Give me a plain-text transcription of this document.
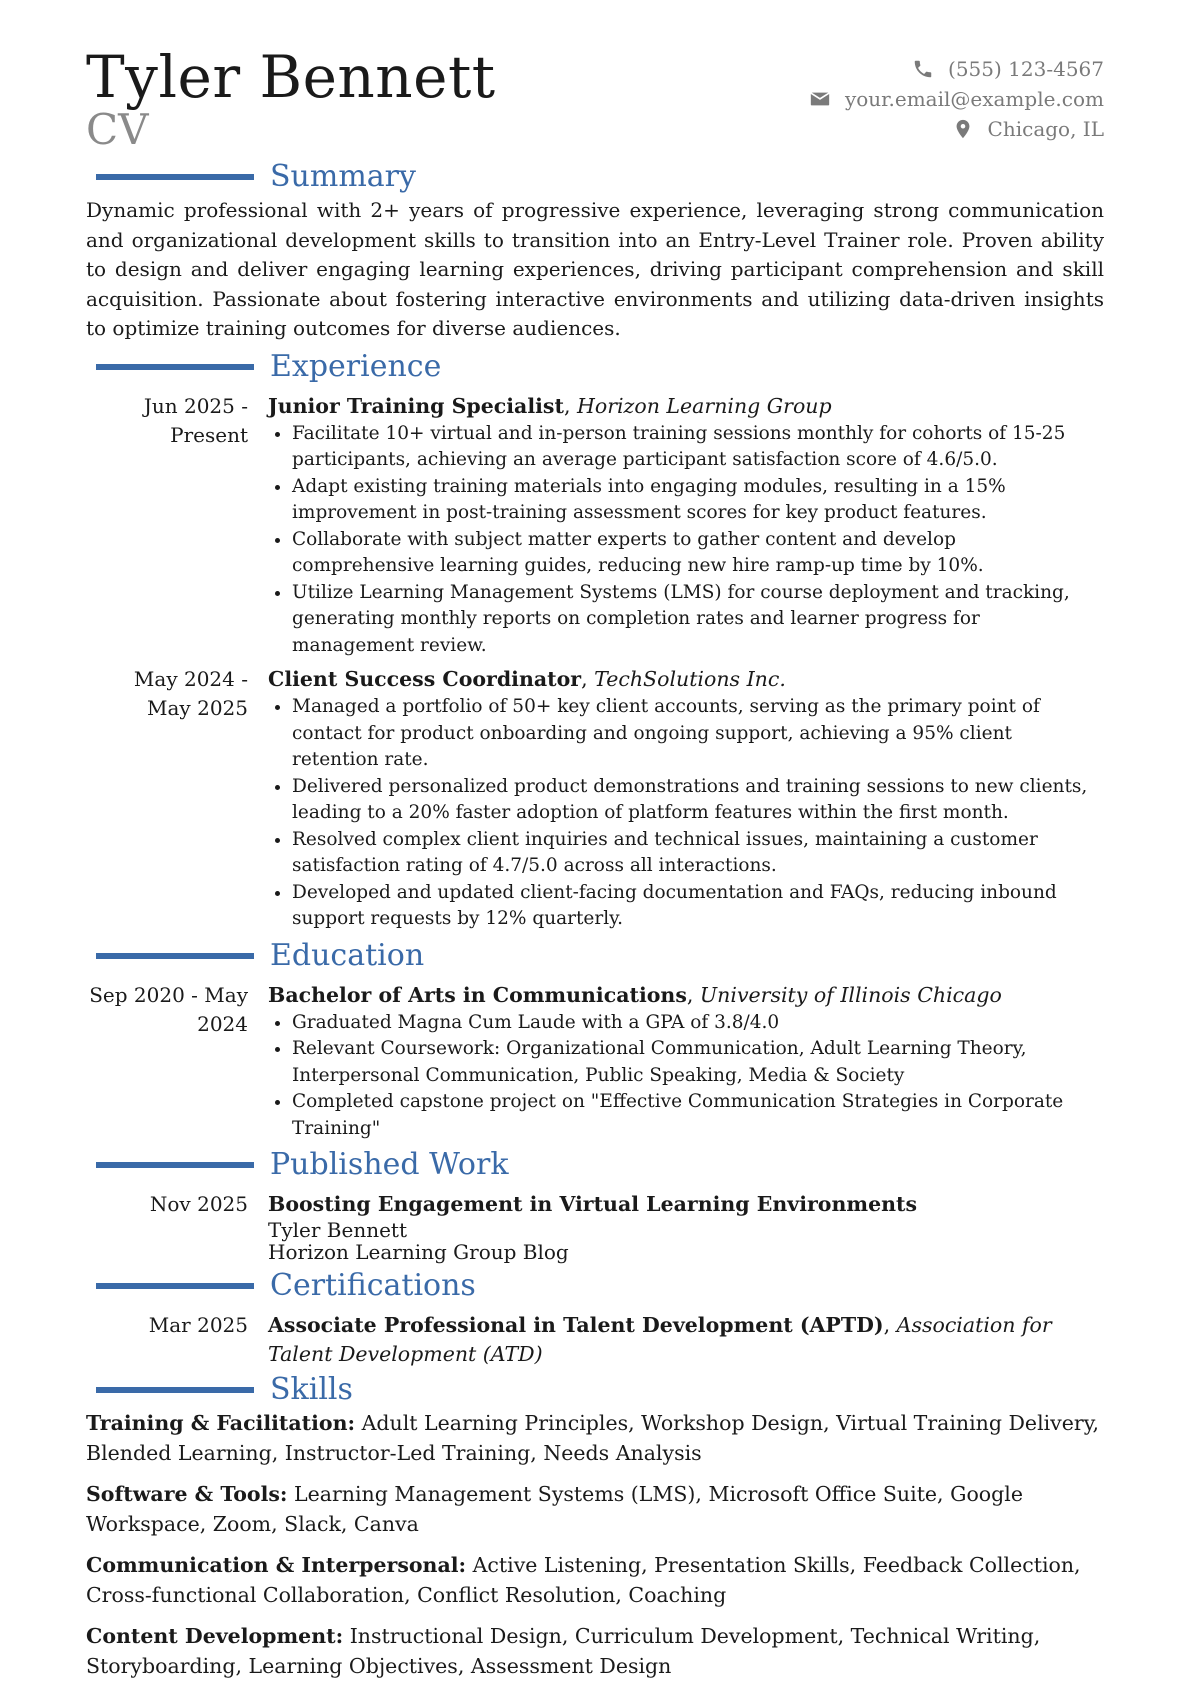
Tyler Bennett
CV
(555) 123-4567
your.email@example.com
Chicago, IL
Summary

Dynamic professional with 2+ years of progressive experience, leveraging strong communication and organizational development skills to transition into an Entry-Level Trainer role. Proven ability to design and deliver engaging learning experiences, driving participant comprehension and skill acquisition. Passionate about fostering interactive environments and utilizing data-driven insights to optimize training outcomes for diverse audiences.

Experience
Jun 2025 - Present
Junior Training Specialist, Horizon Learning Group
• Facilitate 10+ virtual and in-person training sessions monthly for cohorts of 15-25 participants, achieving an average participant satisfaction score of 4.6/5.0.
• Adapt existing training materials into engaging modules, resulting in a 15% improvement in post-training assessment scores for key product features.
• Collaborate with subject matter experts to gather content and develop comprehensive learning guides, reducing new hire ramp-up time by 10%.
• Utilize Learning Management Systems (LMS) for course deployment and tracking, generating monthly reports on completion rates and learner progress for management review.
May 2024 - May 2025
Client Success Coordinator, TechSolutions Inc.
• Managed a portfolio of 50+ key client accounts, serving as the primary point of contact for product onboarding and ongoing support, achieving a 95% client retention rate.
• Delivered personalized product demonstrations and training sessions to new clients, leading to a 20% faster adoption of platform features within the first month.
• Resolved complex client inquiries and technical issues, maintaining a customer satisfaction rating of 4.7/5.0 across all interactions.
• Developed and updated client-facing documentation and FAQs, reducing inbound support requests by 12% quarterly.
Education
Sep 2020 - May 2024
Bachelor of Arts in Communications, University of Illinois Chicago
• Graduated Magna Cum Laude with a GPA of 3.8/4.0
• Relevant Coursework: Organizational Communication, Adult Learning Theory, Interpersonal Communication, Public Speaking, Media & Society
• Completed capstone project on "Effective Communication Strategies in Corporate Training"
Published Work
Nov 2025 Boosting Engagement in Virtual Learning Environments
Tyler Bennett
Horizon Learning Group Blog
Certifications
Mar 2025 Associate Professional in Talent Development (APTD), Association for Talent Development (ATD)
Skills

Training & Facilitation: Adult Learning Principles, Workshop Design, Virtual Training Delivery, Blended Learning, Instructor-Led Training, Needs Analysis

Software & Tools: Learning Management Systems (LMS), Microsoft Office Suite, Google Workspace, Zoom, Slack, Canva

Communication & Interpersonal: Active Listening, Presentation Skills, Feedback Collection, Cross-functional Collaboration, Conflict Resolution, Coaching

Content Development: Instructional Design, Curriculum Development, Technical Writing, Storyboarding, Learning Objectives, Assessment Design
